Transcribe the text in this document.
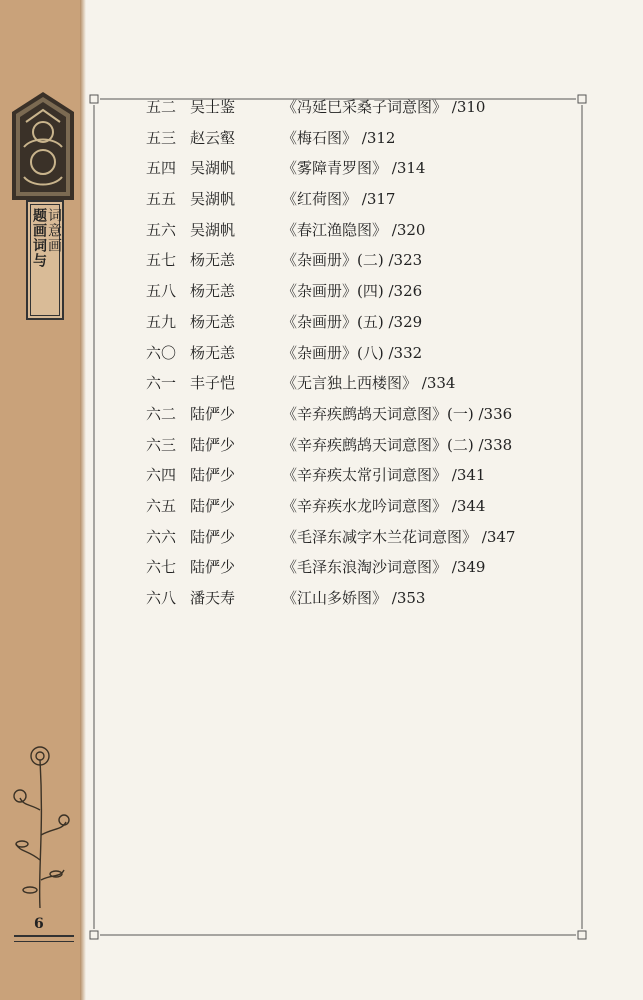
题画词与 词意画
6
五二 吴士鉴	《冯延巳采桑子词意图》 /310
五三 赵云壑	《梅石图》 /312
五四 吴湖帆	《雾障青罗图》 /314
五五 吴湖帆	《红荷图》 /317
五六 吴湖帆	《春江渔隐图》 /320
五七 杨无恙	《杂画册》(二) /323
五八 杨无恙	《杂画册》(四) /326
五九 杨无恙	《杂画册》(五) /329
六〇 杨无恙	《杂画册》(八) /332
六一 丰子恺	《无言独上西楼图》 /334
六二 陆俨少	《辛弃疾鹧鸪天词意图》(一) /336
六三 陆俨少	《辛弃疾鹧鸪天词意图》(二) /338
六四 陆俨少	《辛弃疾太常引词意图》 /341
六五 陆俨少	《辛弃疾水龙吟词意图》 /344
六六 陆俨少	《毛泽东减字木兰花词意图》 /347
六七 陆俨少	《毛泽东浪淘沙词意图》 /349
六八 潘天寿	《江山多娇图》 /353
